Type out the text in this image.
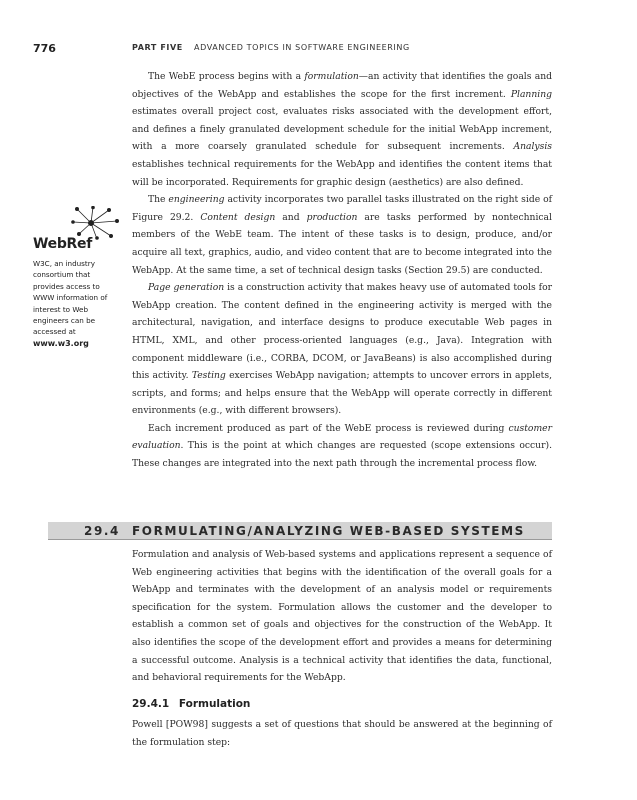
776	PART FIVE ADVANCED TOPICS IN SOFTWARE ENGINEERING

The WebE process begins with a formulation—an activity that identifies the goals and objectives of the WebApp and establishes the scope for the first increment. Planning estimates overall project cost, evaluates risks associated with the development effort, and defines a finely granulated development schedule for the initial WebApp increment, with a more coarsely granulated schedule for subsequent increments. Analysis establishes technical requirements for the WebApp and identifies the content items that will be incorporated. Requirements for graphic design (aesthetics) are also defined.

The engineering activity incorporates two parallel tasks illustrated on the right side of Figure 29.2. Content design and production are tasks performed by nontechnical members of the WebE team. The intent of these tasks is to design, produce, and/or acquire all text, graphics, audio, and video content that are to become integrated into the WebApp. At the same time, a set of technical design tasks (Section 29.5) are conducted.

Page generation is a construction activity that makes heavy use of automated tools for WebApp creation. The content defined in the engineering activity is merged with the architectural, navigation, and interface designs to produce executable Web pages in HTML, XML, and other process-oriented languages (e.g., Java). Integration with component middleware (i.e., CORBA, DCOM, or JavaBeans) is also accomplished during this activity. Testing exercises WebApp navigation; attempts to uncover errors in applets, scripts, and forms; and helps ensure that the WebApp will operate correctly in different environments (e.g., with different browsers).

Each increment produced as part of the WebE process is reviewed during customer evaluation. This is the point at which changes are requested (scope extensions occur). These changes are integrated into the next path through the incremental process flow.

WebRef
W3C, an industry consortium that provides access to WWW information of interest to Web engineers can be accessed at
www.w3.org
29.4 FORMULATING/ANALYZING WEB-BASED SYSTEMS

Formulation and analysis of Web-based systems and applications represent a sequence of Web engineering activities that begins with the identification of the overall goals for a WebApp and terminates with the development of an analysis model or requirements specification for the system. Formulation allows the customer and the developer to establish a common set of goals and objectives for the construction of the WebApp. It also identifies the scope of the development effort and provides a means for determining a successful outcome. Analysis is a technical activity that identifies the data, functional, and behavioral requirements for the WebApp.

29.4.1 Formulation

Powell [POW98] suggests a set of questions that should be answered at the beginning of the formulation step:
